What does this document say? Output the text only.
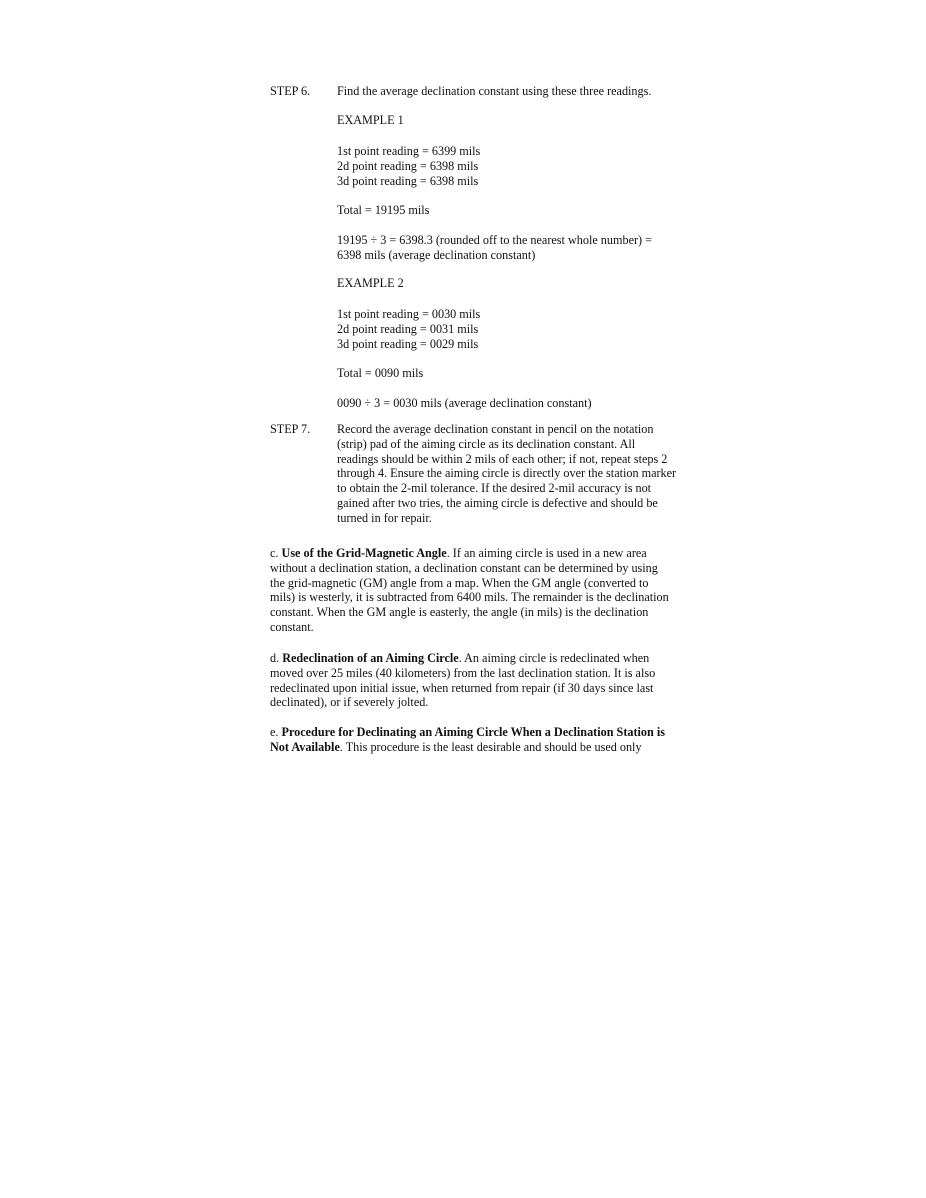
STEP 6. Find the average declination constant using these three readings.

EXAMPLE 1

1st point reading = 6399 mils

2d point reading = 6398 mils

3d point reading = 6398 mils

Total = 19195 mils

19195 ÷ 3 = 6398.3 (rounded off to the nearest whole number) =

6398 mils (average declination constant)

EXAMPLE 2

1st point reading = 0030 mils

2d point reading = 0031 mils

3d point reading = 0029 mils

Total = 0090 mils

0090 ÷ 3 = 0030 mils (average declination constant)

STEP 7. Record the average declination constant in pencil on the notation

(strip) pad of the aiming circle as its declination constant. All

readings should be within 2 mils of each other; if not, repeat steps 2

through 4. Ensure the aiming circle is directly over the station marker

to obtain the 2-mil tolerance. If the desired 2-mil accuracy is not

gained after two tries, the aiming circle is defective and should be

turned in for repair.

c. Use of the Grid-Magnetic Angle. If an aiming circle is used in a new area

without a declination station, a declination constant can be determined by using

the grid-magnetic (GM) angle from a map. When the GM angle (converted to

mils) is westerly, it is subtracted from 6400 mils. The remainder is the declination

constant. When the GM angle is easterly, the angle (in mils) is the declination

constant.

d. Redeclination of an Aiming Circle. An aiming circle is redeclinated when

moved over 25 miles (40 kilometers) from the last declination station. It is also

redeclinated upon initial issue, when returned from repair (if 30 days since last

declinated), or if severely jolted.

e. Procedure for Declinating an Aiming Circle When a Declination Station is

Not Available. This procedure is the least desirable and should be used only
